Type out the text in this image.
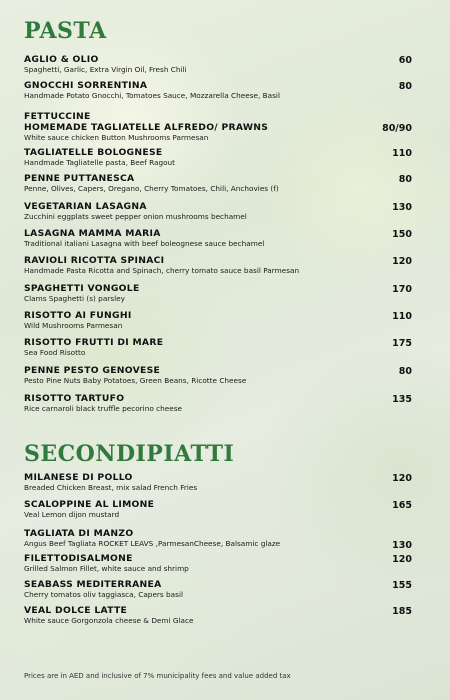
PASTA
AGLIO & OLIO
Spaghetti, Garlic, Extra Virgin Oil, Fresh Chili
60
GNOCCHI SORRENTINA
Handmade Potato Gnocchi, Tomatoes Sauce, Mozzarella Cheese, Basil
80
FETTUCCINE
HOMEMADE TAGLIATELLE ALFREDO/ PRAWNS
White sauce chicken Button Mushrooms Parmesan
80/90
TAGLIATELLE BOLOGNESE
Handmade Tagliatelle pasta, Beef Ragout
110
PENNE PUTTANESCA
Penne, Olives, Capers, Oregano, Cherry Tomatoes, Chili, Anchovies (f)
80
VEGETARIAN LASAGNA
Zucchini eggplats sweet pepper onion mushrooms bechamel
130
LASAGNA MAMMA MARIA
Traditional italiani Lasagna with beef boleognese sauce bechamel
150
RAVIOLI RICOTTA SPINACI
Handmade Pasta Ricotta and Spinach, cherry tomato sauce basil Parmesan
120
SPAGHETTI VONGOLE
Clams Spaghetti (s) parsley
170
RISOTTO AI FUNGHI
Wild Mushrooms Parmesan
110
RISOTTO FRUTTI DI MARE
Sea Food Risotto
175
PENNE PESTO GENOVESE
Pesto Pine Nuts Baby Potatoes, Green Beans, Ricotte Cheese
80
RISOTTO TARTUFO
Rice carnaroli black truffle pecorino cheese
135
SECONDIPIATTI
MILANESE DI POLLO
Breaded Chicken Breast, mix salad French Fries
120
SCALOPPINE AL LIMONE
Veal Lemon dijon mustard
165
TAGLIATA DI MANZO
Angus Beef Tagliata ROCKET LEAVS ,ParmesanCheese, Balsamic glaze	130
FILETTODISALMONE
Grilled Salmon Fillet, white sauce and shrimp
120
SEABASS MEDITERRANEA
Cherry tomatos oliv taggiasca, Capers basil
155
VEAL DOLCE LATTE
White sauce Gorgonzola cheese & Demi Glace
185
Prices are in AED and inclusive of 7% municipality fees and value added tax
